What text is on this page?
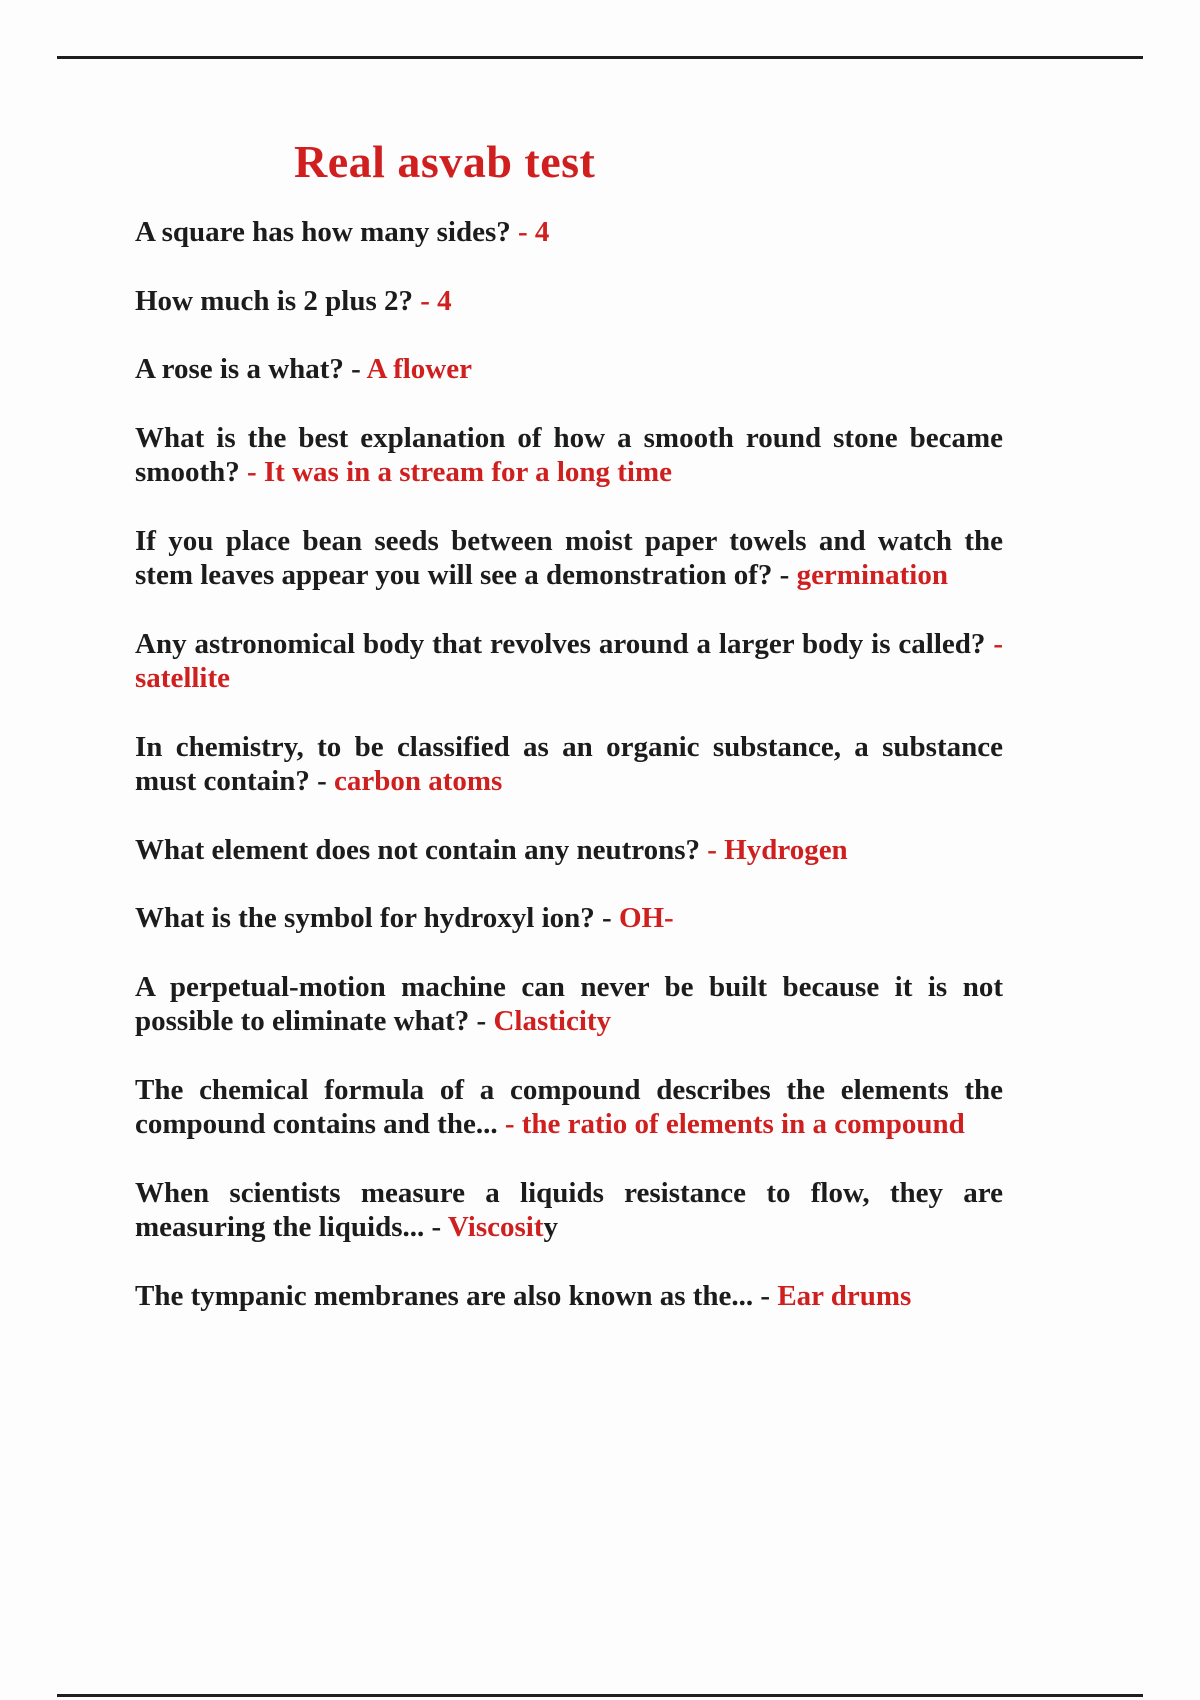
Real asvab test

A square has how many sides? - 4

How much is 2 plus 2? - 4

A rose is a what? - A flower

What is the best explanation of how a smooth round stone became smooth? - It was in a stream for a long time

If you place bean seeds between moist paper towels and watch the stem leaves appear you will see a demonstration of? - germination

Any astronomical body that revolves around a larger body is called? - satellite

In chemistry, to be classified as an organic substance, a substance must contain? - carbon atoms

What element does not contain any neutrons? - Hydrogen

What is the symbol for hydroxyl ion? - OH-

A perpetual-motion machine can never be built because it is not possible to eliminate what? - Clasticity

The chemical formula of a compound describes the elements the compound contains and the... - the ratio of elements in a compound

When scientists measure a liquids resistance to flow, they are measuring the liquids... - Viscosity

The tympanic membranes are also known as the... - Ear drums
